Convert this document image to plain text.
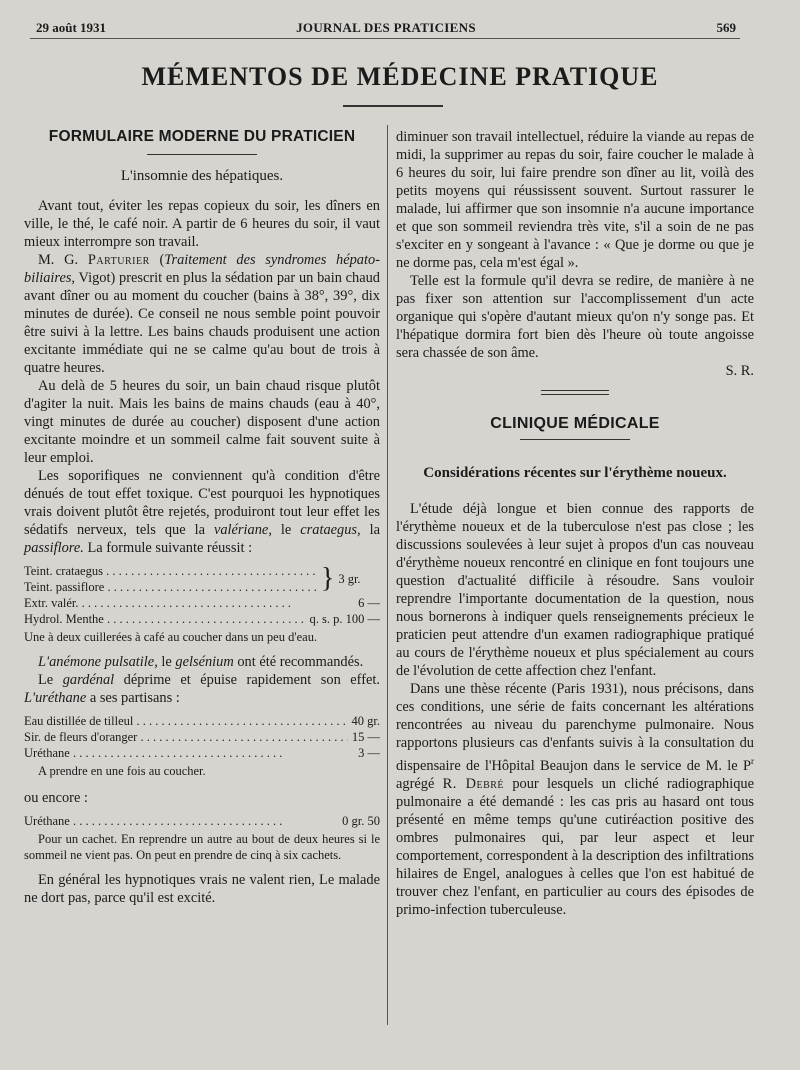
29 août 1931	JOURNAL DES PRATICIENS	569
MÉMENTOS DE MÉDECINE PRATIQUE
FORMULAIRE MODERNE DU PRATICIEN
L'insomnie des hépatiques.

Avant tout, éviter les repas copieux du soir, les dîners en ville, le thé, le café noir. A partir de 6 heures du soir, il vaut mieux interrompre son travail.

M. G. Parturier (Traitement des syndromes hépato-biliaires, Vigot) prescrit en plus la sédation par un bain chaud avant dîner ou au moment du coucher (bains à 38°, 39°, dix minutes de durée). Ce conseil ne nous semble point pouvoir être suivi à la lettre. Les bains chauds produisent une action excitante immédiate qui ne se calme qu'au bout de trois à quatre heures.

Au delà de 5 heures du soir, un bain chaud risque plutôt d'agiter la nuit. Mais les bains de mains chauds (eau à 40°, vingt minutes de durée au coucher) disposent d'une action excitante moindre et un sommeil calme fait souvent suite à leur emploi.

Les soporifiques ne conviennent qu'à condition d'être dénués de tout effet toxique. C'est pourquoi les hypnotiques vrais doivent plutôt être rejetés, produiront tout leur effet les sédatifs nerveux, tels que la valériane, le crataegus, la passiflore. La formule suivante réussit :

Teint. crataegus . . .
Teint. passiflore . . .	} 3 gr.
Extr. valér. . . .	6 —
Hydrol. Menthe . . .	q. s. p. 100 —
Une à deux cuillerées à café au coucher dans un peu d'eau.

L'anémone pulsatile, le gelsénium ont été recommandés.

Le gardénal déprime et épuise rapidement son effet. L'uréthane a ses partisans :

Eau distillée de tilleul . . .	40 gr.
Sir. de fleurs d'oranger . . .	15 —
Uréthane . . .	3 —
A prendre en une fois au coucher.
ou encore :
Uréthane . . .	0 gr. 50
Pour un cachet. En reprendre un autre au bout de deux heures si le sommeil ne vient pas. On peut en prendre de cinq à six cachets.

En général les hypnotiques vrais ne valent rien, Le malade ne dort pas, parce qu'il est excité.

diminuer son travail intellectuel, réduire la viande au repas de midi, la supprimer au repas du soir, faire coucher le malade à 6 heures du soir, lui faire prendre son dîner au lit, voilà des petits moyens qui réussissent souvent. Surtout rassurer le malade, lui affirmer que son insomnie n'a aucune importance et que son sommeil reviendra très vite, s'il a soin de ne pas s'exciter en y songeant à l'avance : « Que je dorme ou que je ne dorme pas, cela m'est égal ».

Telle est la formule qu'il devra se redire, de manière à ne pas fixer son attention sur l'accomplissement d'un acte organique qui s'opère d'autant mieux qu'on n'y songe pas. Et l'hépatique dormira fort bien dès l'heure où toute angoisse sera chassée de son âme.

S. R.
CLINIQUE MÉDICALE
Considérations récentes sur l'érythème noueux.

L'étude déjà longue et bien connue des rapports de l'érythème noueux et de la tuberculose n'est pas close ; les discussions soulevées à leur sujet à propos d'un cas nouveau d'érythème noueux rencontré en clinique en font toujours une question d'actualité difficile à résoudre. Sans vouloir reprendre l'importante documentation de la question, nous nous bornerons à indiquer quels renseignements précieux le praticien peut attendre d'un examen radiographique pratiqué au cours de l'érythème noueux et plus spécialement au cours de l'évolution de cette affection chez l'enfant.

Dans une thèse récente (Paris 1931), nous précisons, dans ces conditions, une série de faits concernant les altérations rencontrées au niveau du parenchyme pulmonaire. Nous rapportons plusieurs cas d'enfants suivis à la consultation du dispensaire de l'Hôpital Beaujon dans le service de M. le $P^r$ agrégé R. Debré pour lesquels un cliché radiographique pulmonaire a été demandé : les cas pris au hasard ont tous présenté en même temps qu'une cutiréaction positive des ombres pulmonaires qui, par leur aspect et leur comportement, correspondent à la description des infiltrations hilaires de Engel, analogues à celles que l'on est habitué de trouver chez l'enfant, en particulier au cours des épisodes de primo-infection tuberculeuse.
